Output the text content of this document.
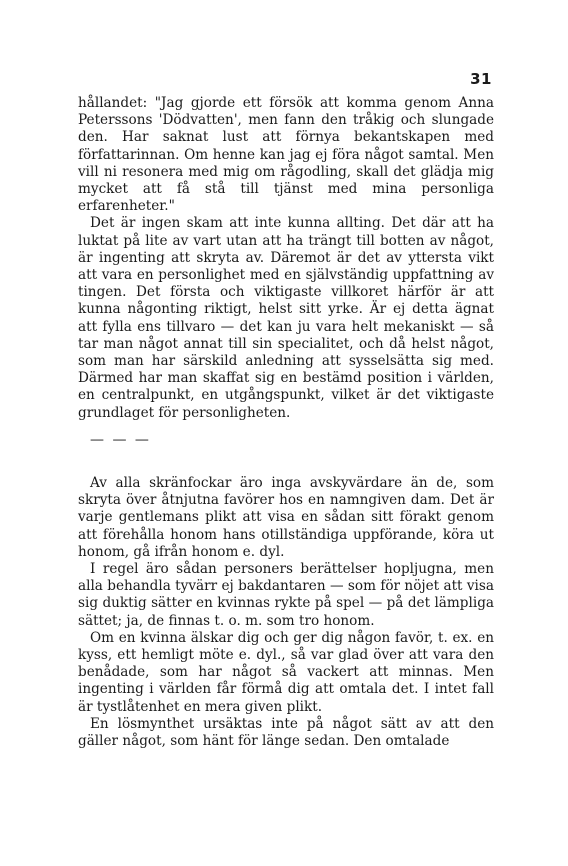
31

hållandet: "Jag gjorde ett försök att komma genom Anna Peterssons 'Dödvatten', men fann den tråkig och slungade den. Har saknat lust att förnya bekantskapen med författarinnan. Om henne kan jag ej föra något samtal. Men vill ni resonera med mig om rågodling, skall det glädja mig mycket att få stå till tjänst med mina personliga erfarenheter."

Det är ingen skam att inte kunna allting. Det där att ha luktat på lite av vart utan att ha trängt till botten av något, är ingenting att skryta av. Däremot är det av yttersta vikt att vara en personlighet med en självständig uppfattning av tingen. Det första och viktigaste villkoret härför är att kunna någonting riktigt, helst sitt yrke. Är ej detta ägnat att fylla ens tillvaro — det kan ju vara helt mekaniskt — så tar man något annat till sin specialitet, och då helst något, som man har särskild anledning att sysselsätta sig med. Därmed har man skaffat sig en bestämd position i världen, en centralpunkt, en utgångspunkt, vilket är det viktigaste grundlaget för personligheten.

— — —

Av alla skränfockar äro inga avskyvärdare än de, som skryta över åtnjutna favörer hos en namngiven dam. Det är varje gentlemans plikt att visa en sådan sitt förakt genom att förehålla honom hans otillständiga uppförande, köra ut honom, gå ifrån honom e. dyl.

I regel äro sådan personers berättelser hopljugna, men alla behandla tyvärr ej bakdantaren — som för nöjet att visa sig duktig sätter en kvinnas rykte på spel — på det lämpliga sättet; ja, de finnas t. o. m. som tro honom.

Om en kvinna älskar dig och ger dig någon favör, t. ex. en kyss, ett hemligt möte e. dyl., så var glad över att vara den benådade, som har något så vackert att minnas. Men ingenting i världen får förmå dig att omtala det. I intet fall är tystlåtenhet en mera given plikt.

En lösmynthet ursäktas inte på något sätt av att den gäller något, som hänt för länge sedan. Den omtalade
